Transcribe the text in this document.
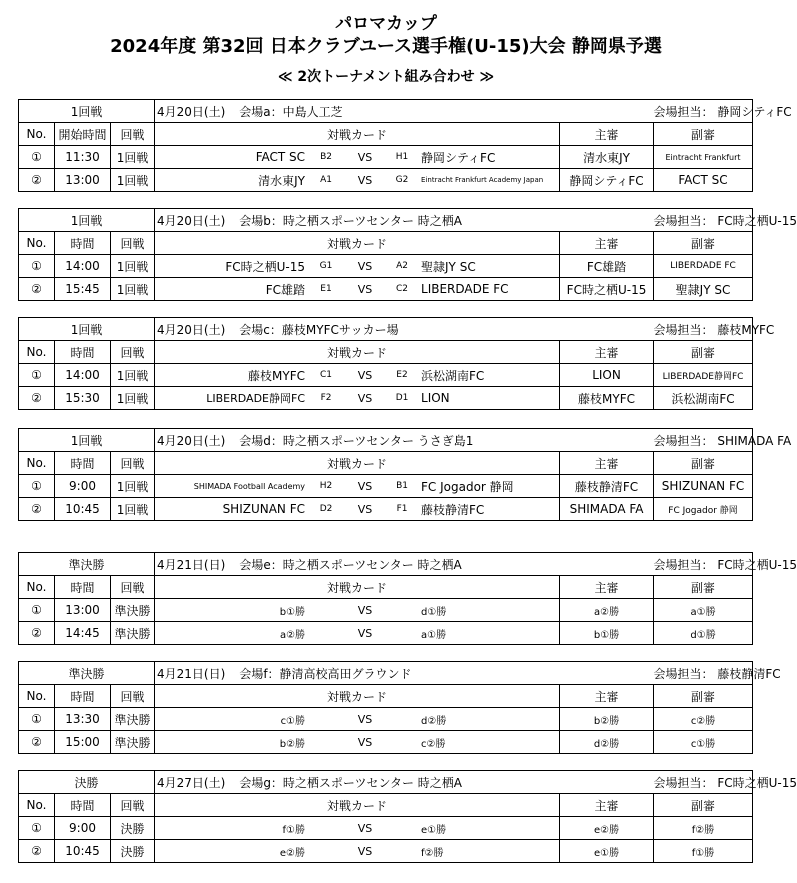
パロマカップ
2024年度 第32回 日本クラブユース選手権(U-15)大会 静岡県予選
≪ 2次トーナメント組み合わせ ≫
1回戦			4月20日(土) 会場a：中島人工芝		会場担当： 静岡シティFC
No.	開始時間	回戦	対戦カード	主審	副審
①	11:30	1回戦	FACT SC B2 VS H1 静岡シティFC	清水東JY	Eintracht Frankfurt
②	13:00	1回戦	清水東JY A1 VS G2 Eintracht Frankfurt Academy Japan	静岡シティFC	FACT SC
1回戦			4月20日(土) 会場b：時之栖スポーツセンター 時之栖A		会場担当： FC時之栖U-15
No.	時間	回戦	対戦カード	主審	副審
①	14:00	1回戦	FC時之栖U-15 G1 VS A2 聖隷JY SC	FC雄踏	LIBERDADE FC
②	15:45	1回戦	FC雄踏 E1 VS C2 LIBERDADE FC	FC時之栖U-15	聖隷JY SC
1回戦			4月20日(土) 会場c：藤枝MYFCサッカー場		会場担当： 藤枝MYFC
No.	時間	回戦	対戦カード	主審	副審
①	14:00	1回戦	藤枝MYFC C1 VS E2 浜松湖南FC	LION	LIBERDADE静岡FC
②	15:30	1回戦	LIBERDADE静岡FC F2 VS D1 LION	藤枝MYFC	浜松湖南FC
1回戦			4月20日(土) 会場d：時之栖スポーツセンター うさぎ島1		会場担当： SHIMADA FA
No.	時間	回戦	対戦カード	主審	副審
①	9:00	1回戦	SHIMADA Football Academy H2 VS B1 FC Jogador 静岡	藤枝静清FC	SHIZUNAN FC
②	10:45	1回戦	SHIZUNAN FC D2 VS F1 藤枝静清FC	SHIMADA FA	FC Jogador 静岡
準決勝			4月21日(日) 会場e：時之栖スポーツセンター 時之栖A		会場担当： FC時之栖U-15
No.	時間	回戦	対戦カード	主審	副審
①	13:00	準決勝	b①勝 VS d①勝	a②勝	a①勝
②	14:45	準決勝	a②勝 VS a①勝	b①勝	d①勝
準決勝			4月21日(日) 会場f：静清高校高田グラウンド		会場担当： 藤枝静清FC
No.	時間	回戦	対戦カード	主審	副審
①	13:30	準決勝	c①勝 VS d②勝	b②勝	c②勝
②	15:00	準決勝	b②勝 VS c②勝	d②勝	c①勝
決勝			4月27日(土) 会場g：時之栖スポーツセンター 時之栖A		会場担当： FC時之栖U-15
No.	時間	回戦	対戦カード	主審	副審
①	9:00	決勝	f①勝 VS e①勝	e②勝	f②勝
②	10:45	決勝	e②勝 VS f②勝	e①勝	f①勝
